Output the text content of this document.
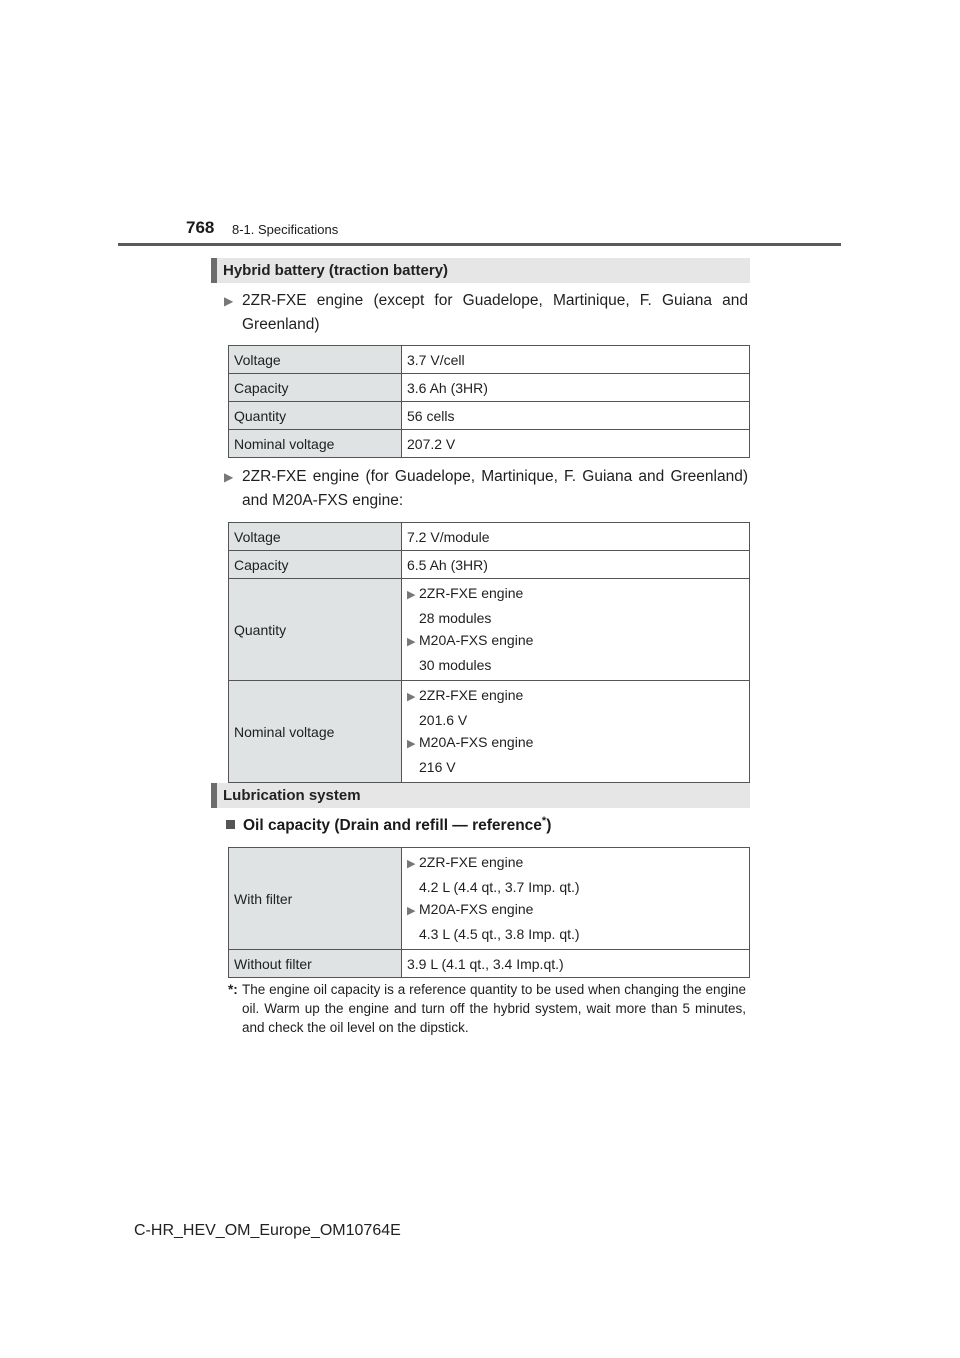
768 8-1. Specifications
Hybrid battery (traction battery)
▶ 2ZR-FXE engine (except for Guadelope, Martinique, F. Guiana and Greenland)
Voltage	3.7 V/cell
Capacity	3.6 Ah (3HR)
Quantity	56 cells
Nominal voltage	207.2 V
▶ 2ZR-FXE engine (for Guadelope, Martinique, F. Guiana and Greenland) and M20A-FXS engine:
Voltage	7.2 V/module
Capacity	6.5 Ah (3HR)
Quantity	▶ 2ZR-FXE engine
28 modules
▶ M20A-FXS engine
30 modules

Nominal voltage	▶ 2ZR-FXE engine
201.6 V
▶ M20A-FXS engine
216 V
Lubrication system
Oil capacity (Drain and refill — reference*)
With filter	▶ 2ZR-FXE engine
4.2 L (4.4 qt., 3.7 Imp. qt.)
▶ M20A-FXS engine
4.3 L (4.5 qt., 3.8 Imp. qt.)

Without filter	3.9 L (4.1 qt., 3.4 Imp.qt.)
*: The engine oil capacity is a reference quantity to be used when changing the engine oil. Warm up the engine and turn off the hybrid system, wait more than 5 minutes, and check the oil level on the dipstick.
C-HR_HEV_OM_Europe_OM10764E
